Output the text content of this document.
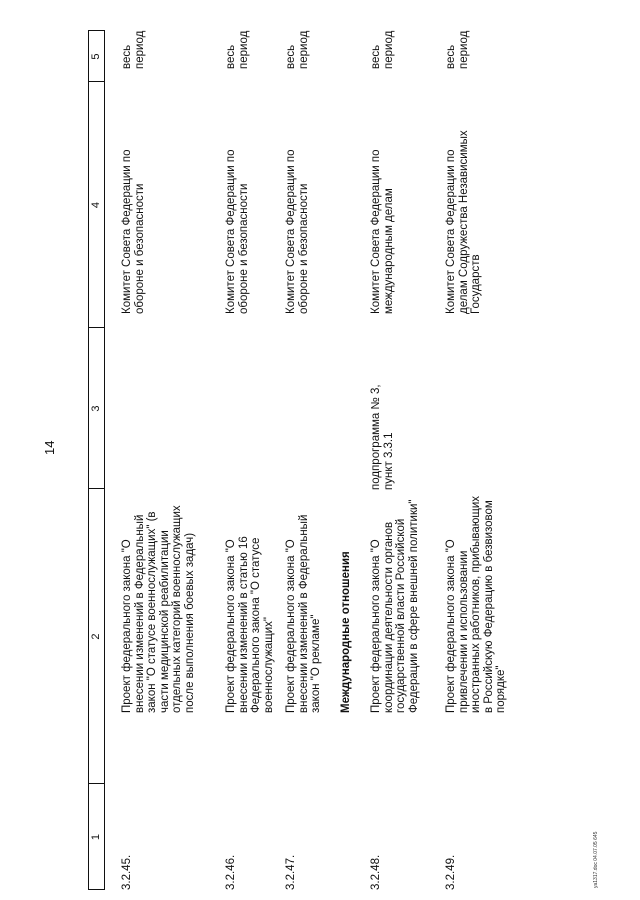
14
1
2
3
4
5
3.2.45.
Проект федерального закона "О внесении изменений в Федеральный закон "О статусе военнослужащих" (в части медицинской реабилитации отдельных категорий военнослужащих после выполнения боевых задач)
Комитет Совета Федерации по обороне и безопасности
весь период
3.2.46.
Проект федерального закона "О внесении изменений в статью 16 Федерального закона "О статусе военнослужащих"
Комитет Совета Федерации по обороне и безопасности
весь период
3.2.47.
Проект федерального закона "О внесении изменений в Федеральный закон "О рекламе"
Комитет Совета Федерации по обороне и безопасности
весь период
Международные отношения
3.2.48.
Проект федерального закона "О координации деятельности органов государственной власти Российской Федерации в сфере внешней политики"
подпрограмма № 3, пункт 3.3.1
Комитет Совета Федерации по международным делам
весь период
3.2.49.
Проект федерального закона "О привлечении и использовании иностранных работников, прибывающих в Российскую Федерацию в безвизовом порядке"
Комитет Совета Федерации по делам Содружества Независимых Государств
весь период
ya1317.doc 04.07.05 645
